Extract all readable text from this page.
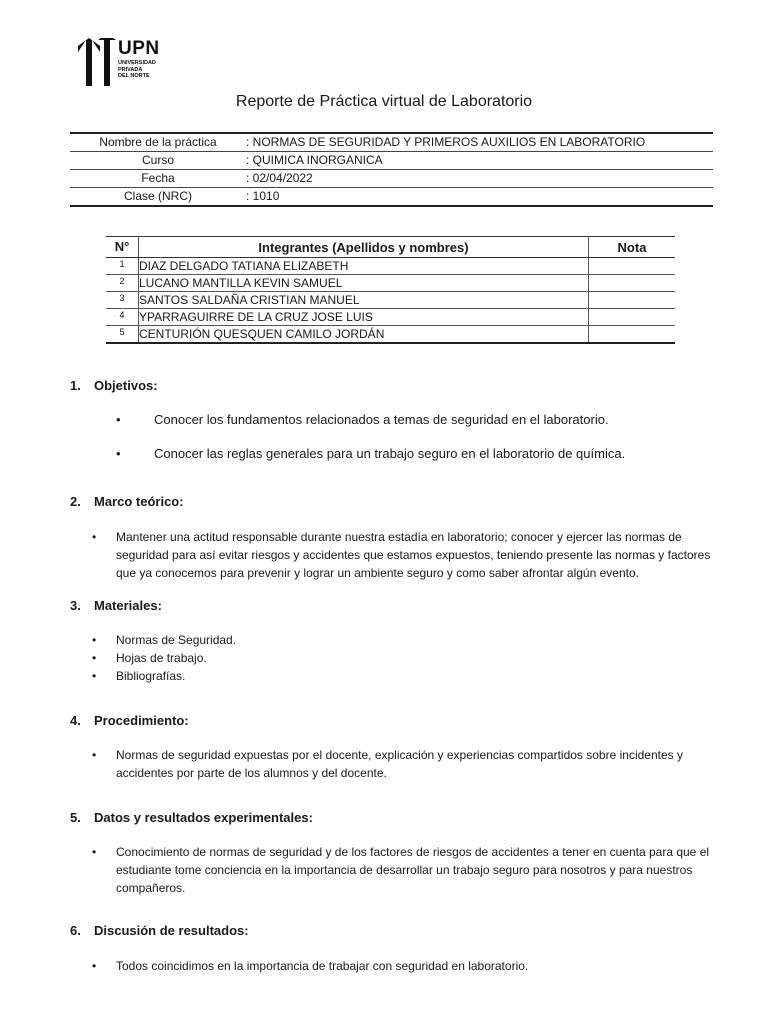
UPN
UNIVERSIDAD
PRIVADA
DEL NORTE
Reporte de Práctica virtual de Laboratorio
Nombre de la práctica	: NORMAS DE SEGURIDAD Y PRIMEROS AUXILIOS EN LABORATORIO
Curso	: QUIMICA INORGANICA
Fecha	: 02/04/2022
Clase (NRC)	: 1010
N°	Integrantes (Apellidos y nombres)	Nota
1	DIAZ DELGADO TATIANA ELIZABETH	
2	LUCANO MANTILLA KEVIN SAMUEL	
3	SANTOS SALDAÑA CRISTIAN MANUEL	
4	YPARRAGUIRRE DE LA CRUZ JOSE LUIS	
5	CENTURIÓN QUESQUEN CAMILO JORDÁN	
1. Objetivos:
• Conocer los fundamentos relacionados a temas de seguridad en el laboratorio.
• Conocer las reglas generales para un trabajo seguro en el laboratorio de química.
2. Marco teórico:
• Mantener una actitud responsable durante nuestra estadía en laboratorio; conocer y ejercer las normas de seguridad para así evitar riesgos y accidentes que estamos expuestos, teniendo presente las normas y factores que ya conocemos para prevenir y lograr un ambiente seguro y como saber afrontar algún evento.
3. Materiales:
• Normas de Seguridad.
• Hojas de trabajo.
• Bibliografías.
4. Procedimiento:
• Normas de seguridad expuestas por el docente, explicación y experiencias compartidos sobre incidentes y accidentes por parte de los alumnos y del docente.
5. Datos y resultados experimentales:
• Conocimiento de normas de seguridad y de los factores de riesgos de accidentes a tener en cuenta para que el estudiante tome conciencia en la importancia de desarrollar un trabajo seguro para nosotros y para nuestros compañeros.
6. Discusión de resultados:
• Todos coincidimos en la importancia de trabajar con seguridad en laboratorio.
